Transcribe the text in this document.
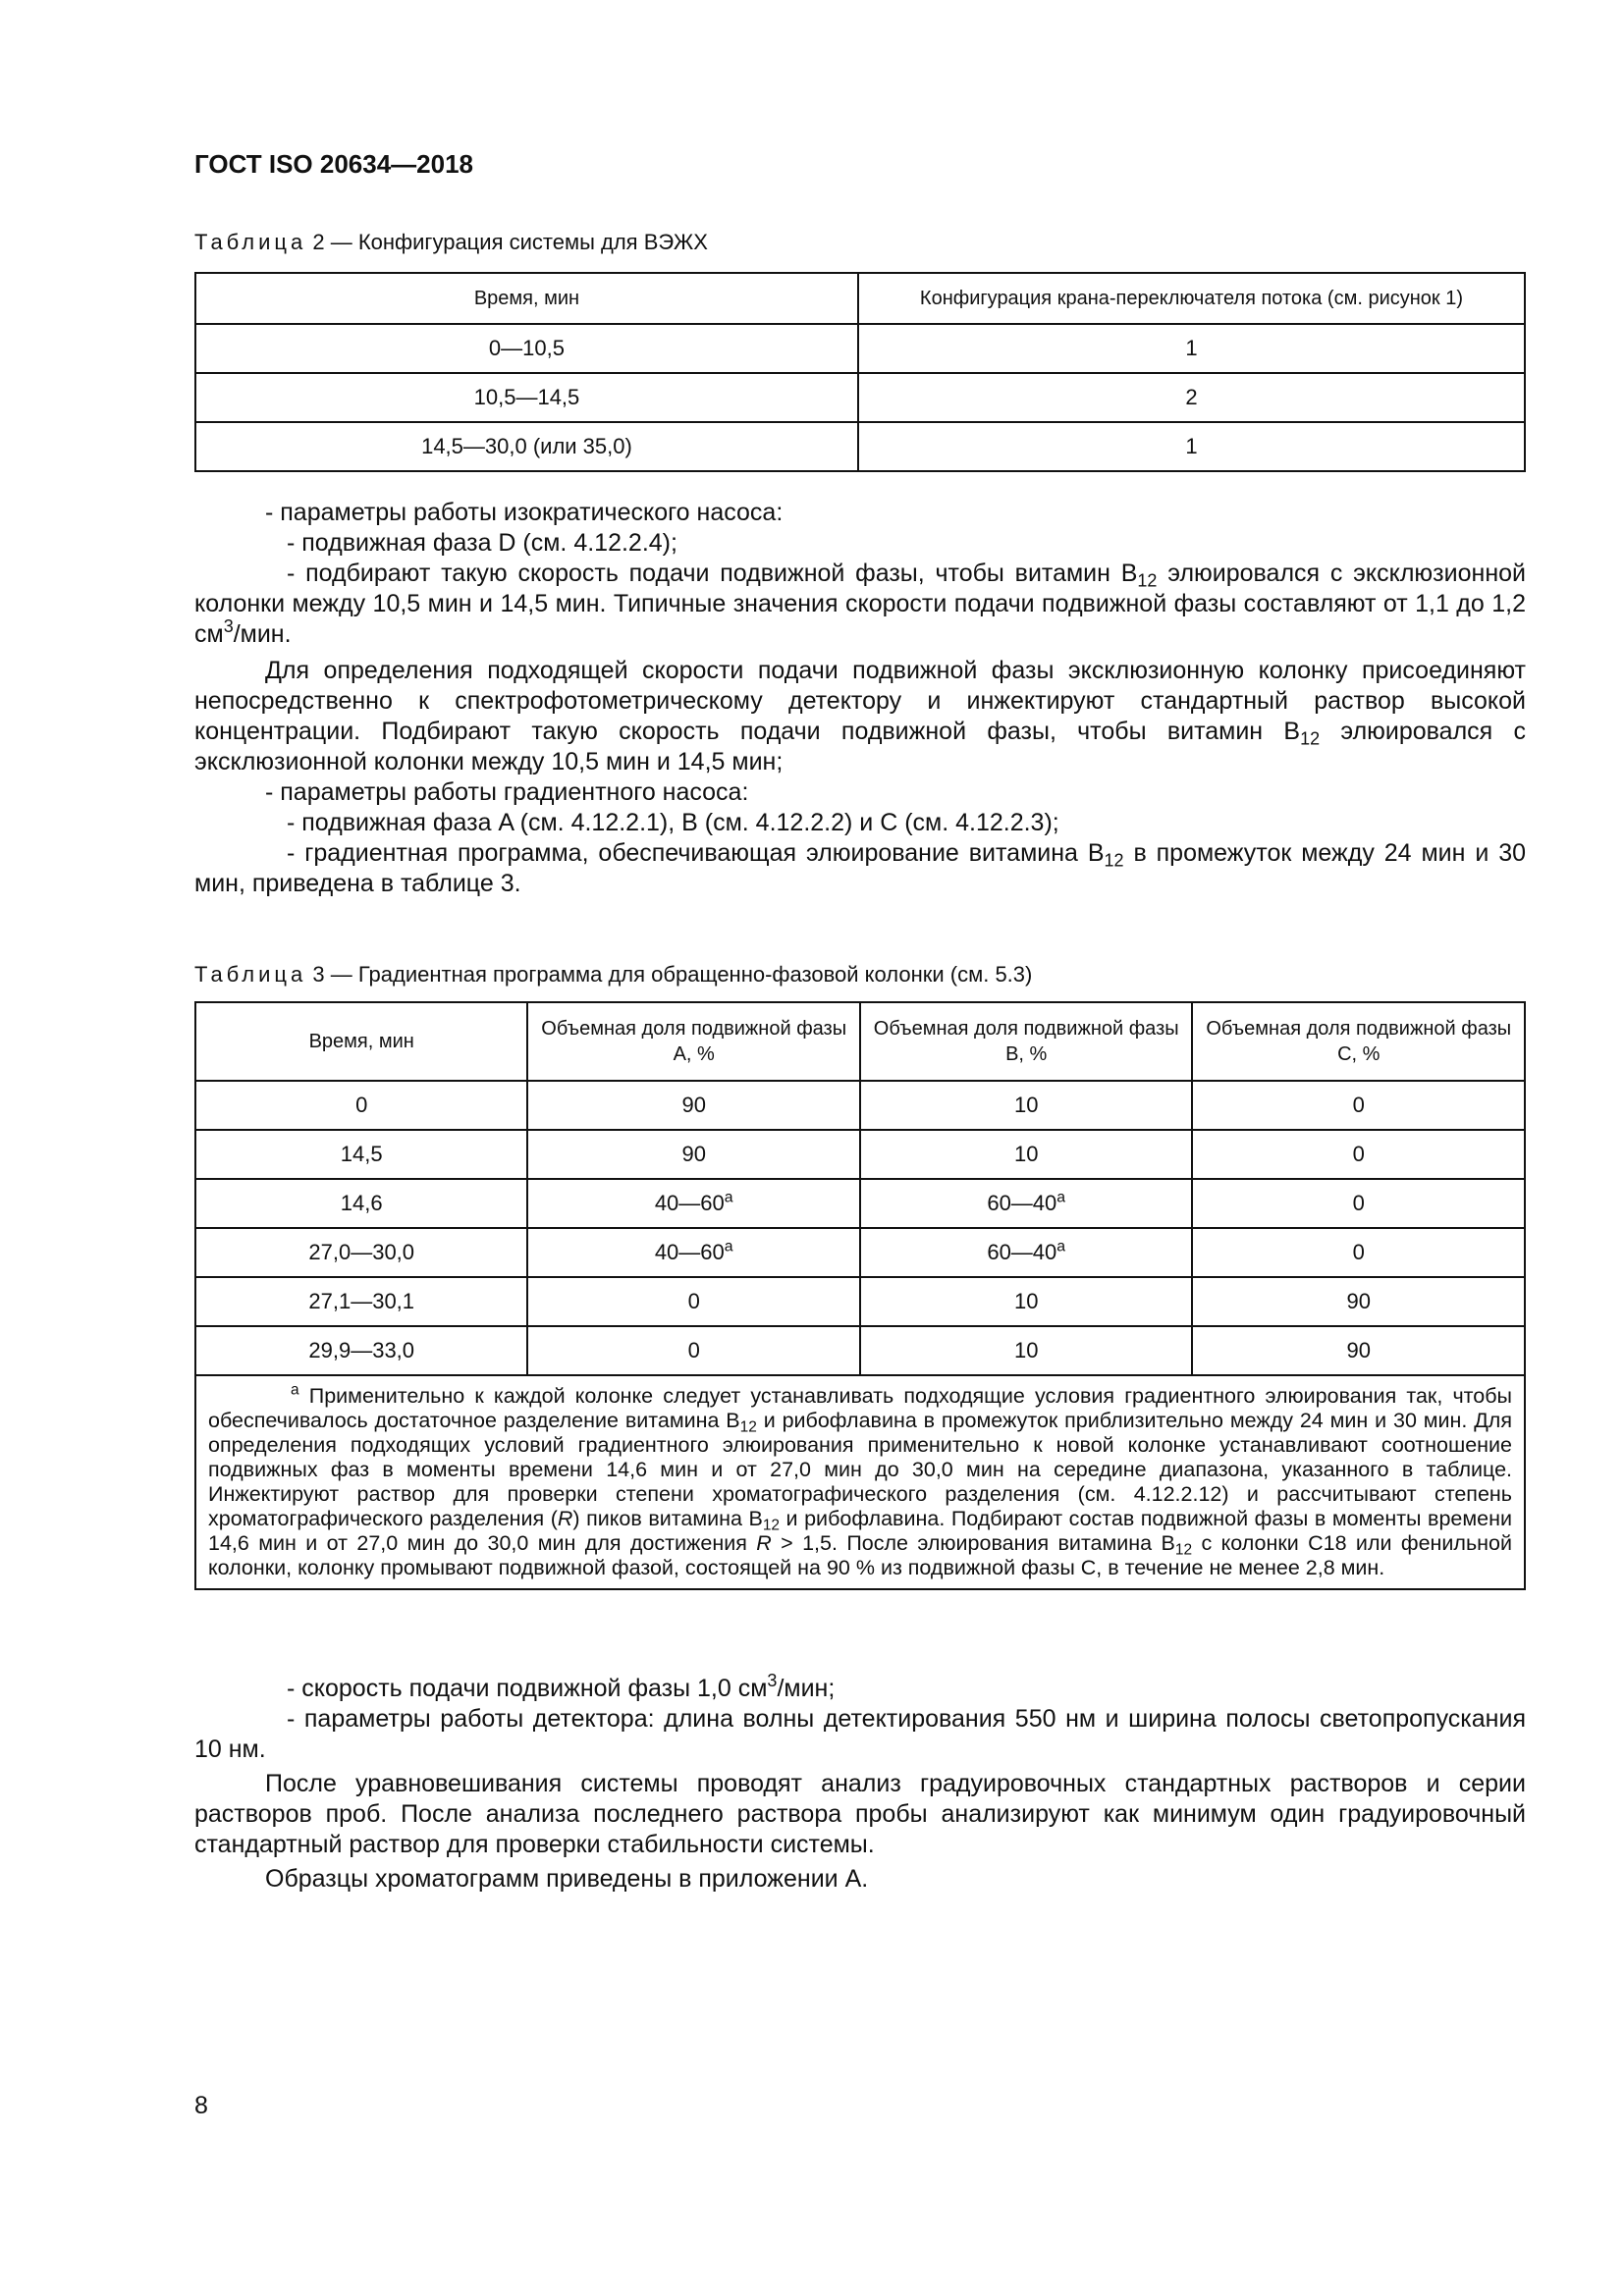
ГОСТ ISO 20634—2018
Таблица 2 — Конфигурация системы для ВЭЖХ
Время, мин	Конфигурация крана-переключателя потока (см. рисунок 1)
0—10,5	1
10,5—14,5	2
14,5—30,0 (или 35,0)	1

- параметры работы изократического насоса:

- подвижная фаза D (см. 4.12.2.4);

- подбирают такую скорость подачи подвижной фазы, чтобы витамин $B_{12}$ элюировался с эксклюзионной колонки между 10,5 мин и 14,5 мин. Типичные значения скорости подачи подвижной фазы составляют от 1,1 до 1,2 $см^3$/мин.

Для определения подходящей скорости подачи подвижной фазы эксклюзионную колонку присоединяют непосредственно к спектрофотометрическому детектору и инжектируют стандартный раствор высокой концентрации. Подбирают такую скорость подачи подвижной фазы, чтобы витамин $B_{12}$ элюировался с эксклюзионной колонки между 10,5 мин и 14,5 мин;

- параметры работы градиентного насоса:

- подвижная фаза A (см. 4.12.2.1), B (см. 4.12.2.2) и C (см. 4.12.2.3);

- градиентная программа, обеспечивающая элюирование витамина $B_{12}$ в промежуток между 24 мин и 30 мин, приведена в таблице 3.

Таблица 3 — Градиентная программа для обращенно-фазовой колонки (см. 5.3)
Время, мин	Объемная доля подвижной фазы A, %	Объемная доля подвижной фазы B, %	Объемная доля подвижной фазы C, %
0	90	10	0
14,5	90	10	0
14,6	40—60$^a$	60—40$^a$	0
27,0—30,0	40—60$^a$	60—40$^a$	0
27,1—30,1	0	10	90
29,9—33,0	0	10	90
$^a$ Применительно к каждой колонке следует устанавливать подходящие условия градиентного элюирования так, чтобы обеспечивалось достаточное разделение витамина $B_{12}$ и рибофлавина в промежуток приблизительно между 24 мин и 30 мин. Для определения подходящих условий градиентного элюирования применительно к новой колонке устанавливают соотношение подвижных фаз в моменты времени 14,6 мин и от 27,0 мин до 30,0 мин на середине диапазона, указанного в таблице. Инжектируют раствор для проверки степени хроматографического разделения (см. 4.12.2.12) и рассчитывают степень хроматографического разделения (R) пиков витамина $B_{12}$ и рибофлавина. Подбирают состав подвижной фазы в моменты времени 14,6 мин и от 27,0 мин до 30,0 мин для достижения R > 1,5. После элюирования витамина $B_{12}$ с колонки C18 или фенильной колонки, колонку промывают подвижной фазой, состоящей на 90 % из подвижной фазы C, в течение не менее 2,8 мин.			

- скорость подачи подвижной фазы 1,0 $см^3$/мин;

- параметры работы детектора: длина волны детектирования 550 нм и ширина полосы светопропускания 10 нм.

После уравновешивания системы проводят анализ градуировочных стандартных растворов и серии растворов проб. После анализа последнего раствора пробы анализируют как минимум один градуировочный стандартный раствор для проверки стабильности системы.

Образцы хроматограмм приведены в приложении А.

8
